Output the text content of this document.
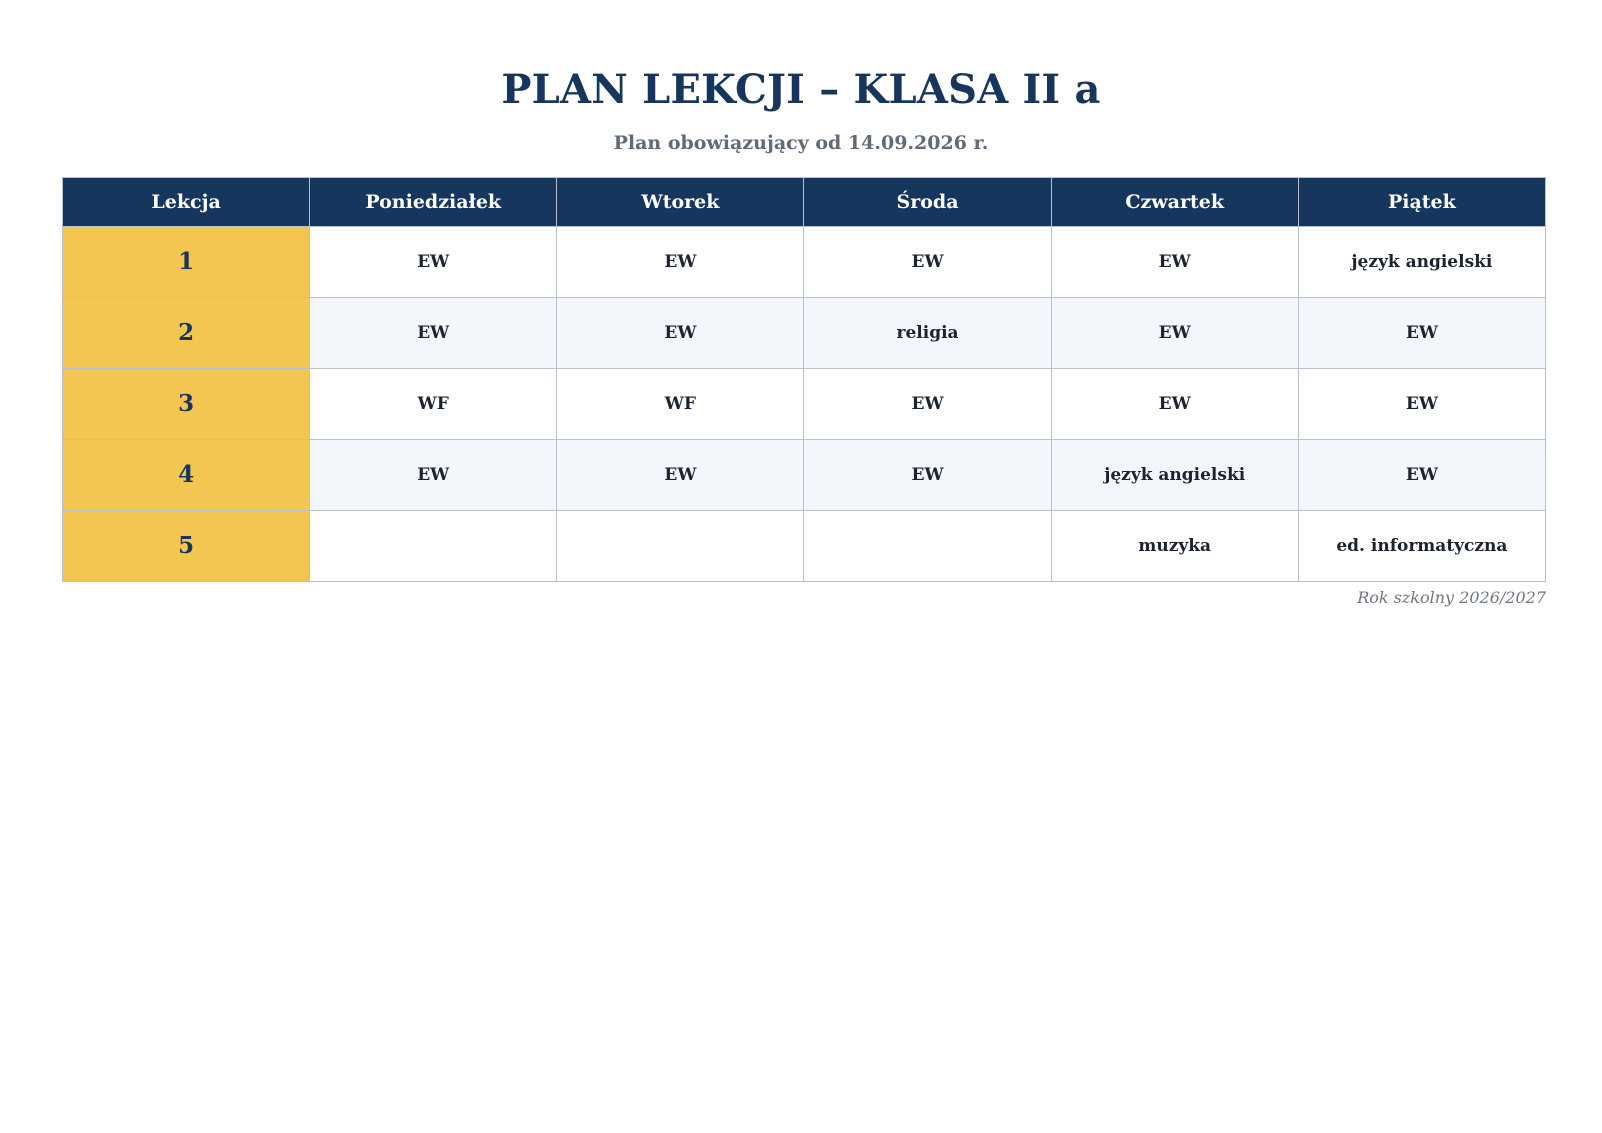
PLAN LEKCJI – KLASA II a
Plan obowiązujący od 14.09.2026 r.
Lekcja	Poniedziałek	Wtorek	Środa	Czwartek	Piątek
1	EW	EW	EW	EW	język angielski
2	EW	EW	religia	EW	EW
3	WF	WF	EW	EW	EW
4	EW	EW	EW	język angielski	EW
5				muzyka	ed. informatyczna
Rok szkolny 2026/2027
